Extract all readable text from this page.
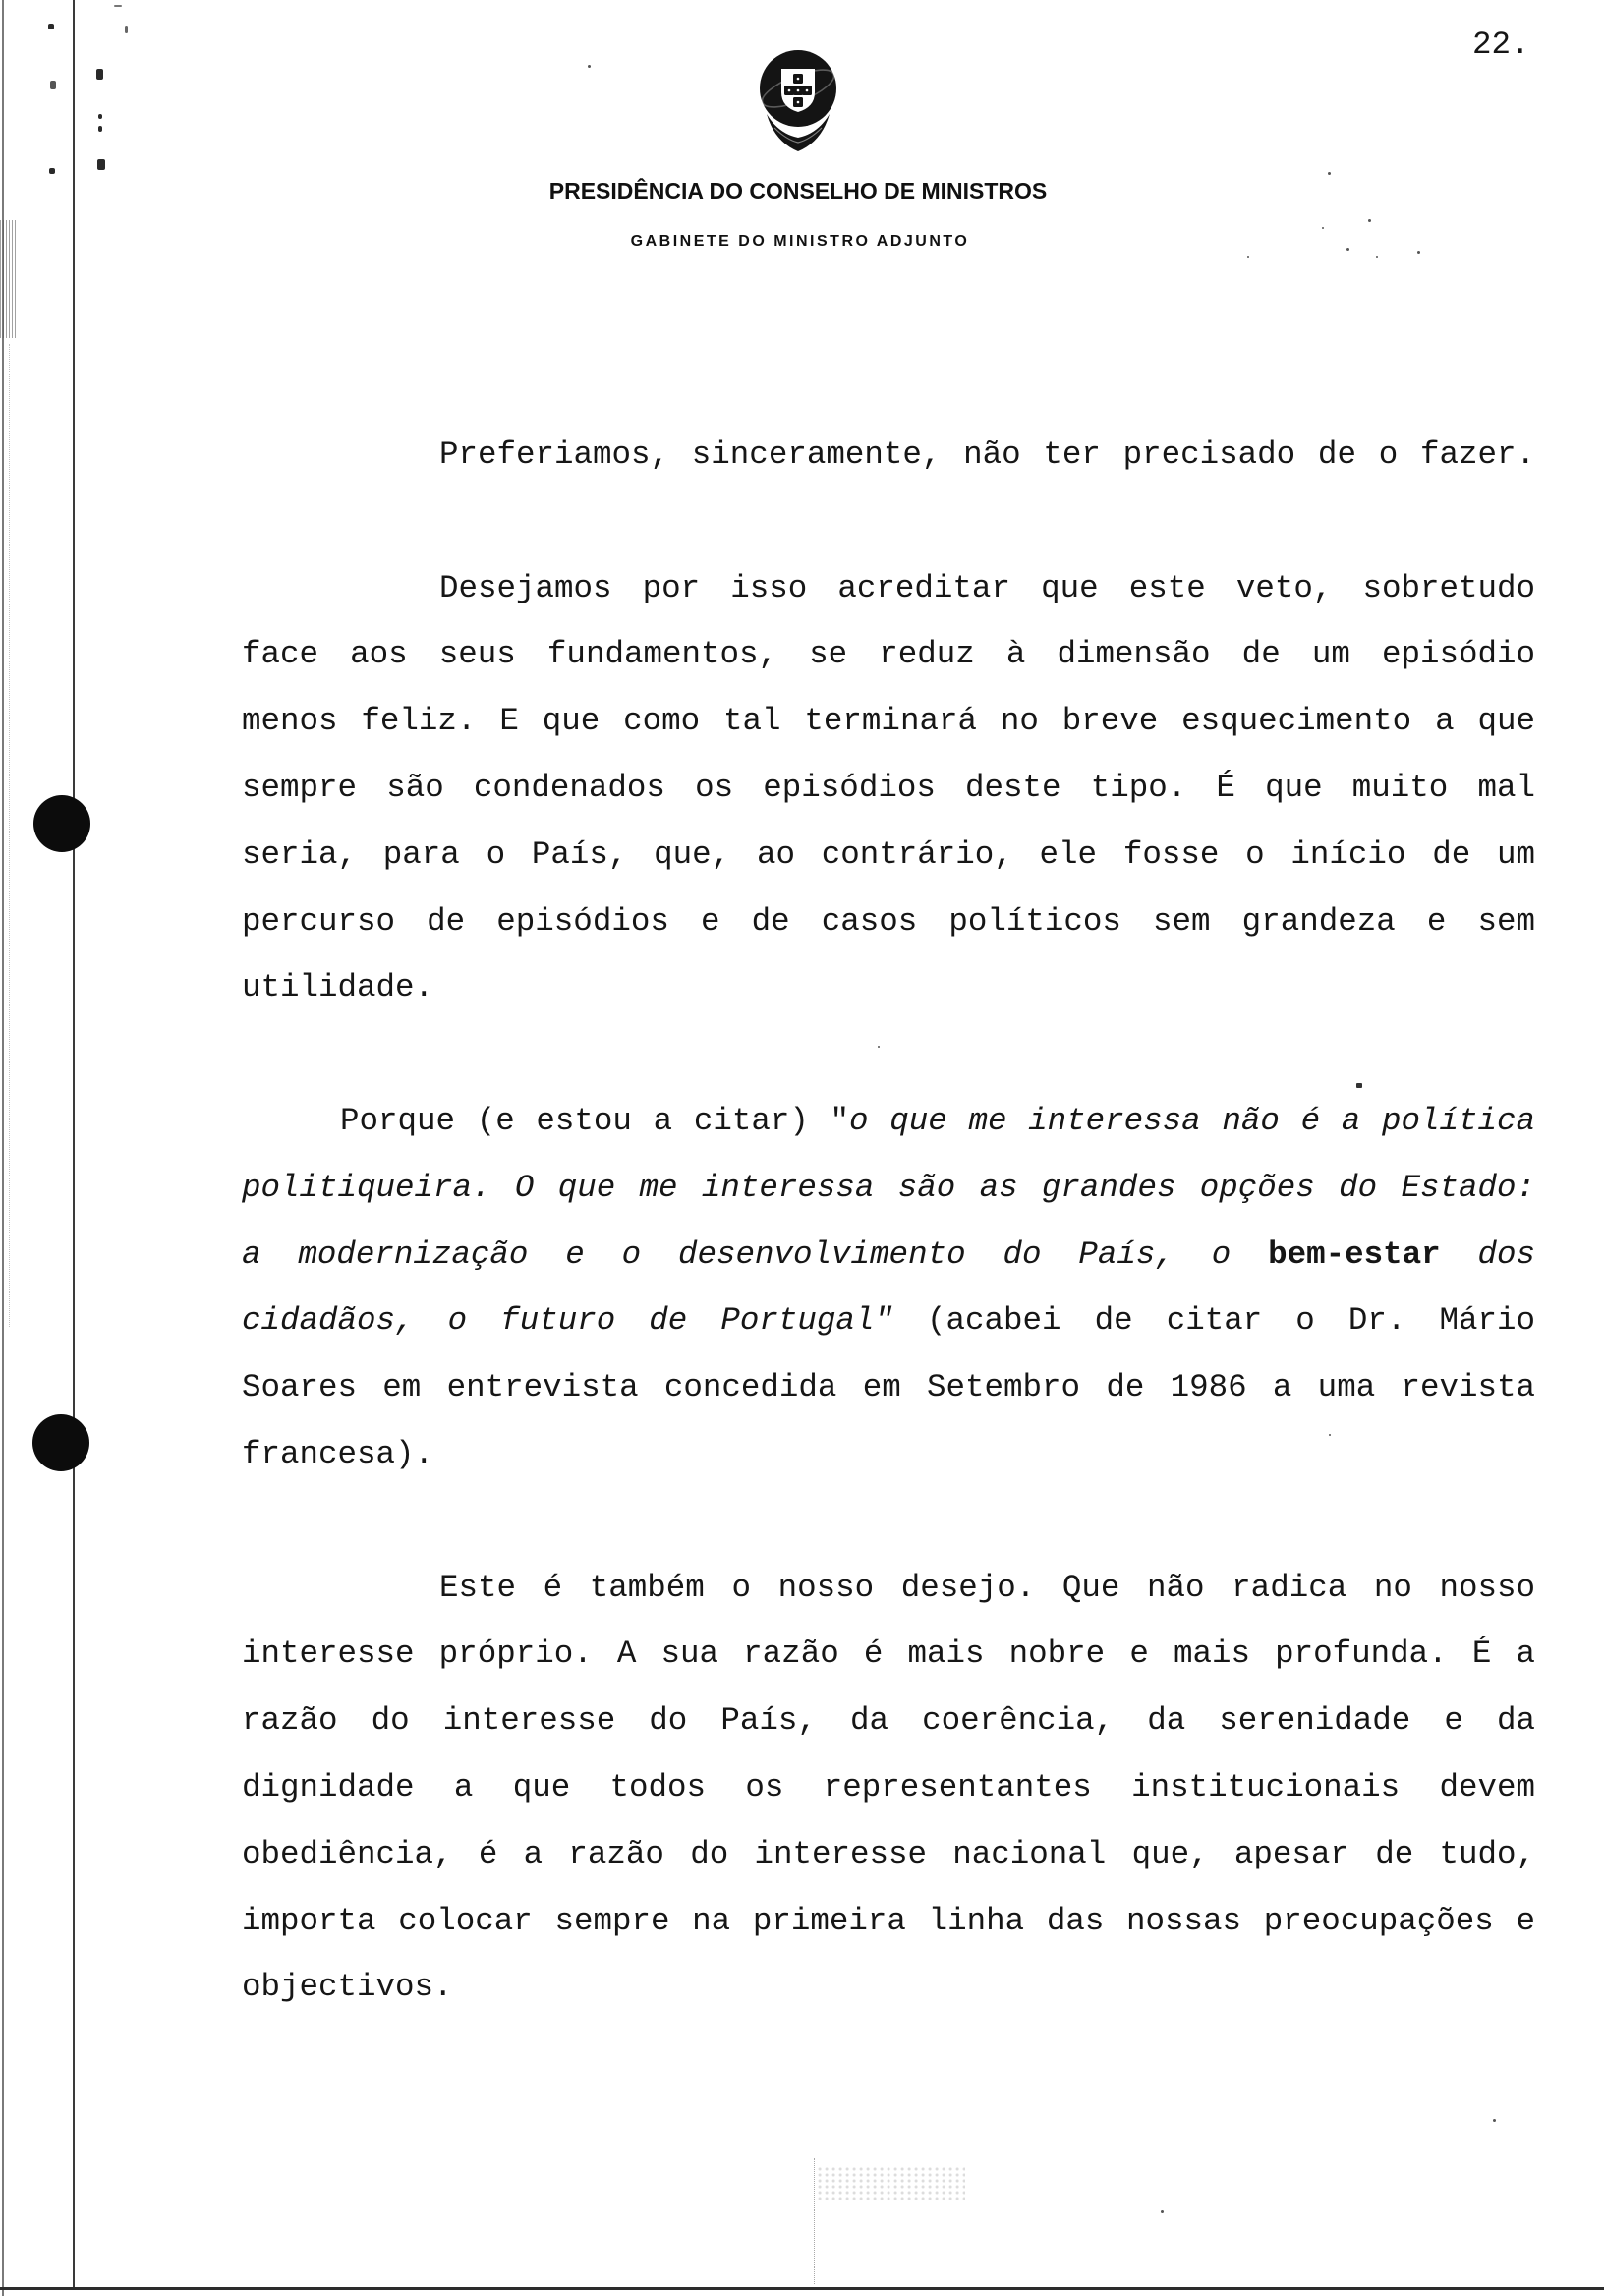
22.
PRESIDÊNCIA DO CONSELHO DE MINISTROS
GABINETE DO MINISTRO ADJUNTO
Preferiamos, sinceramente, não ter precisado de o fazer.
Desejamos por isso acreditar que este veto, sobretudo
face aos seus fundamentos, se reduz à dimensão de um episódio
menos feliz. E que como tal terminará no breve esquecimento a que
sempre são condenados os episódios deste tipo. É que muito mal
seria, para o País, que, ao contrário, ele fosse o início de um
percurso de episódios e de casos políticos sem grandeza e sem
utilidade.
Porque (e estou a citar) "o que me interessa não é a política
politiqueira. O que me interessa são as grandes opções do Estado:
a modernização e o desenvolvimento do País, o bem-estar dos
cidadãos, o futuro de Portugal" (acabei de citar o Dr. Mário
Soares em entrevista concedida em Setembro de 1986 a uma revista
francesa).
Este é também o nosso desejo. Que não radica no nosso
interesse próprio. A sua razão é mais nobre e mais profunda. É a
razão do interesse do País, da coerência, da serenidade e da
dignidade a que todos os representantes institucionais devem
obediência, é a razão do interesse nacional que, apesar de tudo,
importa colocar sempre na primeira linha das nossas preocupações e
objectivos.
